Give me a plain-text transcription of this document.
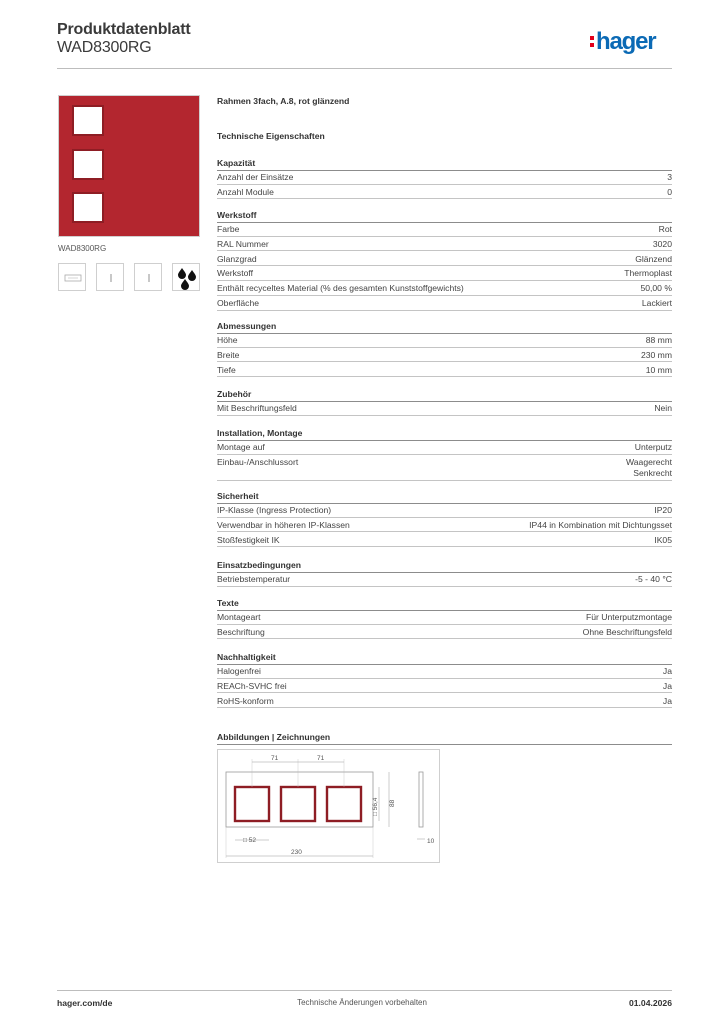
Produktdatenblatt
WAD8300RG	hager
WAD8300RG
Rahmen 3fach, A.8, rot glänzend
Technische Eigenschaften
Kapazität
Anzahl der Einsätze	3
Anzahl Module	0
Werkstoff
Farbe	Rot
RAL Nummer	3020
Glanzgrad	Glänzend
Werkstoff	Thermoplast
Enthält recyceltes Material (% des gesamten Kunststoffgewichts)	50,00 %
Oberfläche	Lackiert
Abmessungen
Höhe	88 mm
Breite	230 mm
Tiefe	10 mm
Zubehör
Mit Beschriftungsfeld	Nein
Installation, Montage
Montage auf	Unterputz
Einbau-/Anschlussort	Waagerecht
Senkrecht
Sicherheit
IP-Klasse (Ingress Protection)	IP20
Verwendbar in höheren IP-Klassen	IP44 in Kombination mit Dichtungsset
Stoßfestigkeit IK	IK05
Einsatzbedingungen
Betriebstemperatur	-5 - 40 °C
Texte
Montageart	Für Unterputzmontage
Beschriftung	Ohne Beschriftungsfeld
Nachhaltigkeit
Halogenfrei	Ja
REACh-SVHC frei	Ja
RoHS-konform	Ja
Abbildungen | Zeichnungen
71	71
□ 56,4 88
□ 52
230
10
hager.com/de	Technische Änderungen vorbehalten	01.04.2026
